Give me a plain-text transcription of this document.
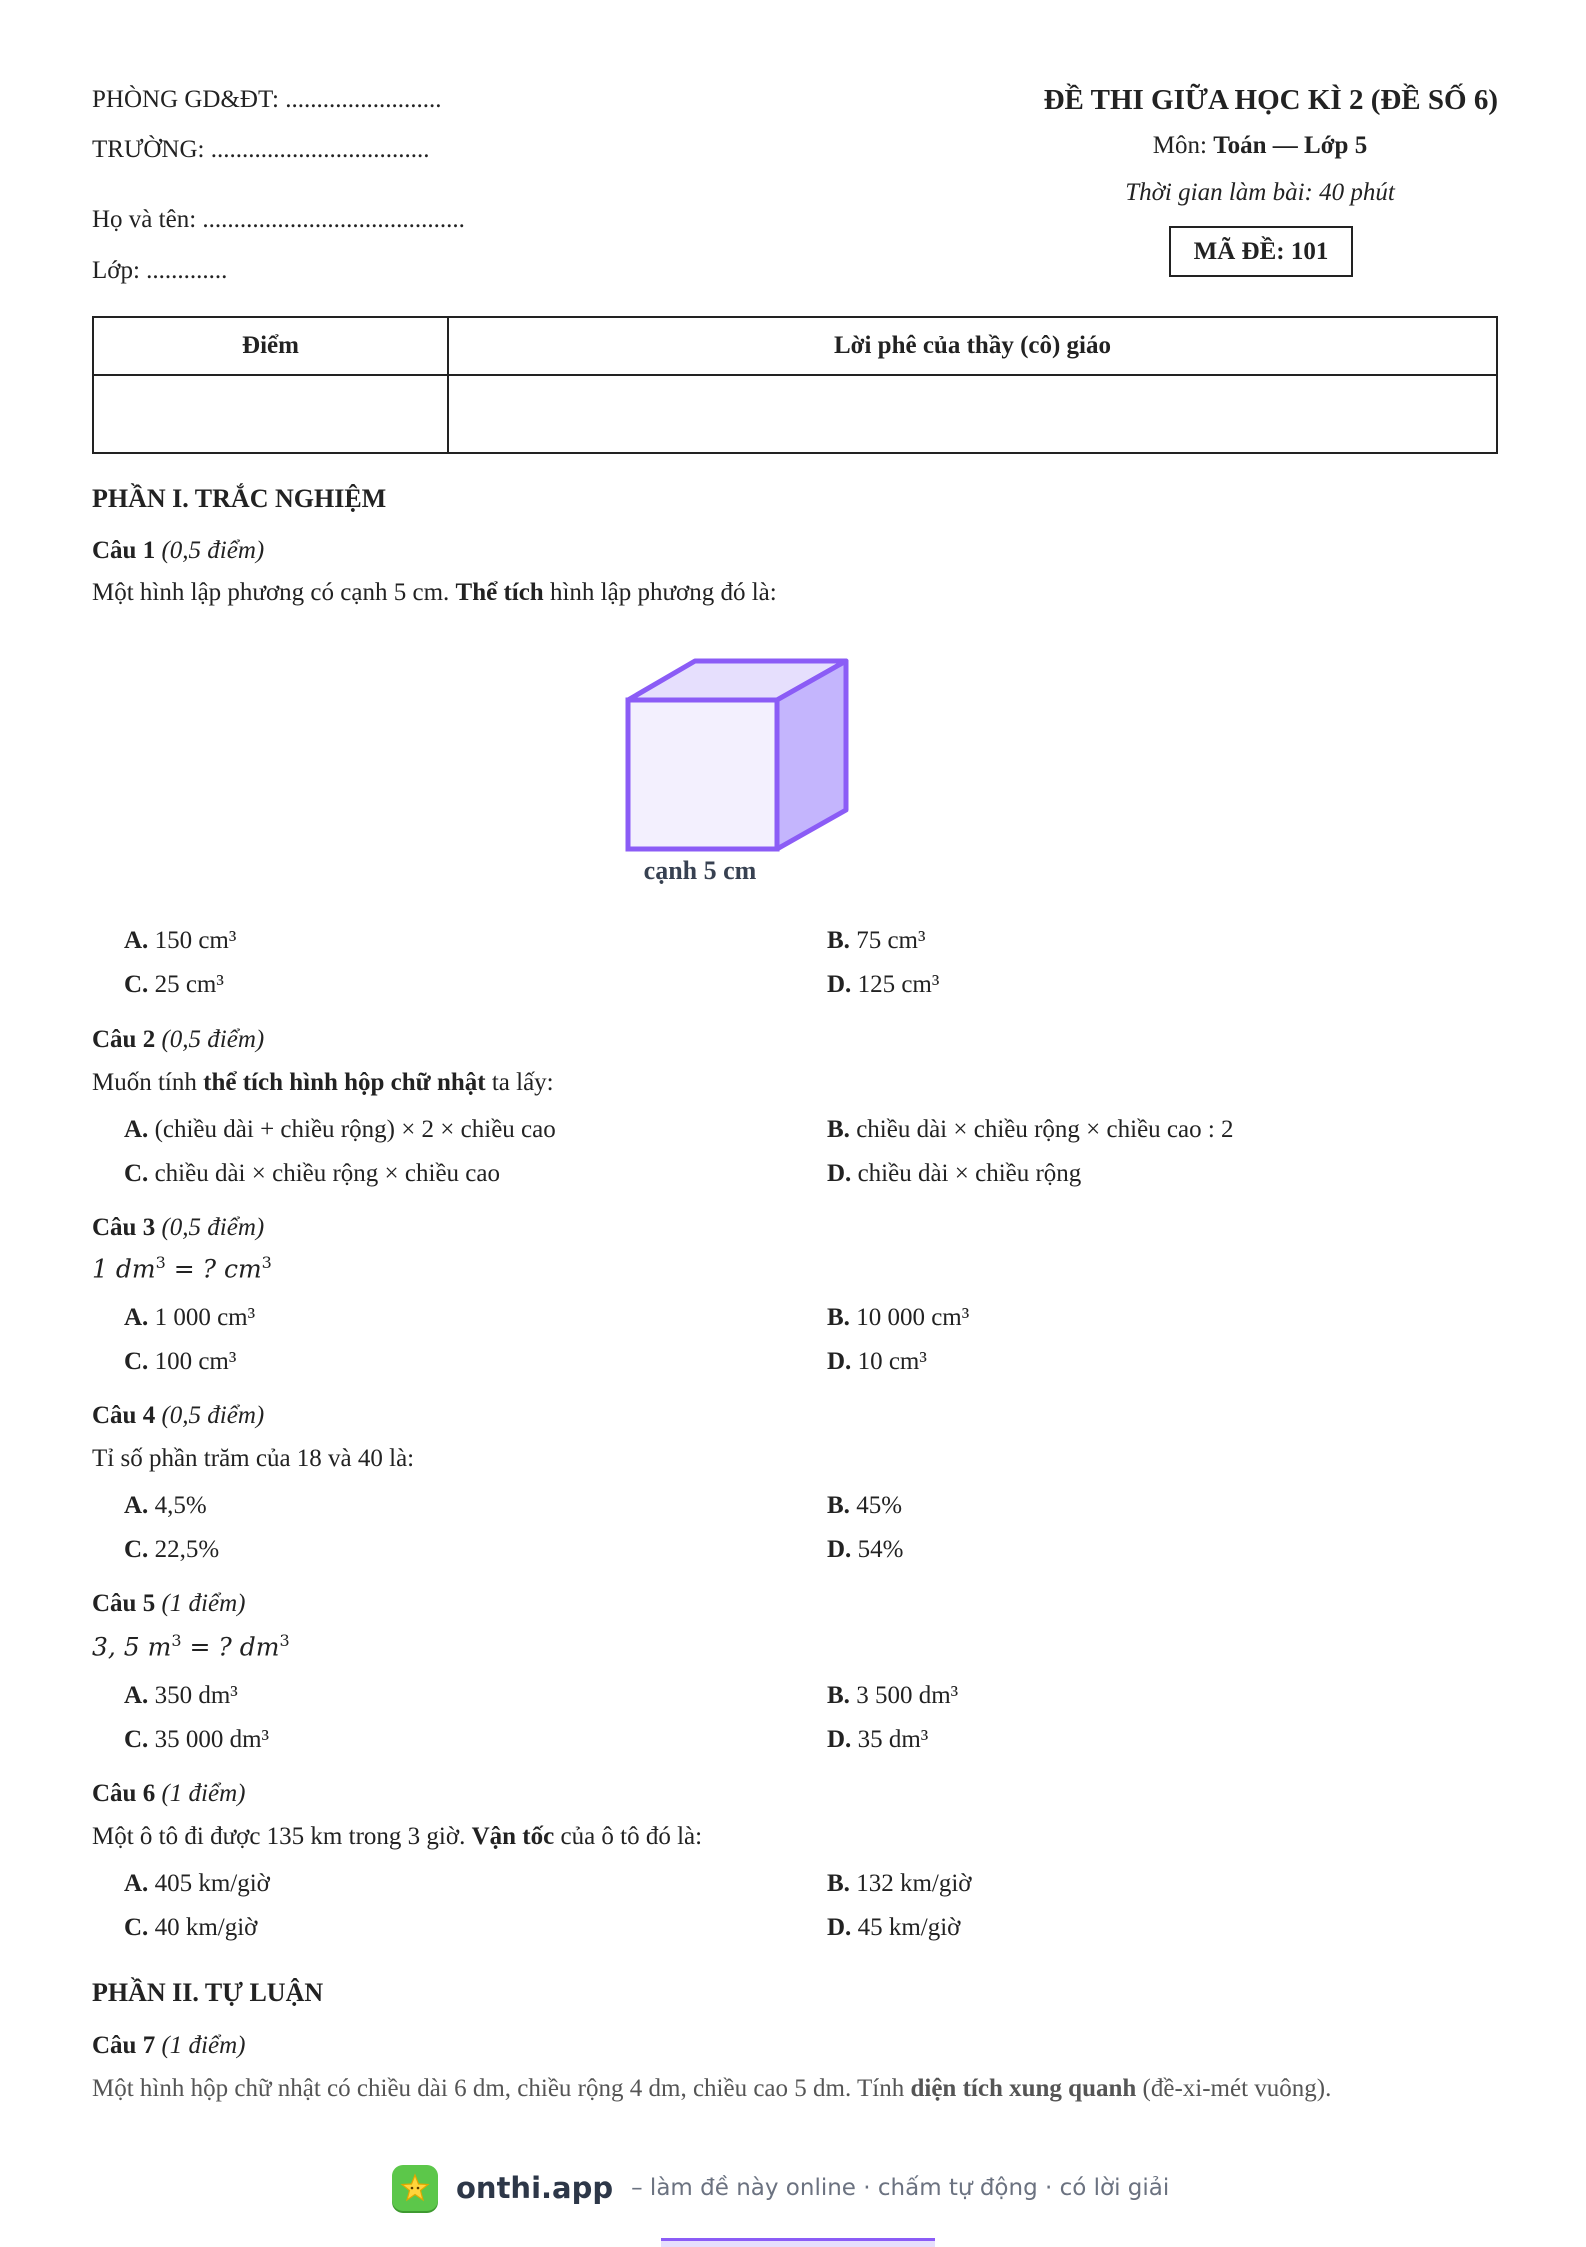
PHÒNG GD&ĐT: .........................
TRƯỜNG: ...................................
Họ và tên: ..........................................
Lớp: .............
ĐỀ THI GIỮA HỌC KÌ 2 (ĐỀ SỐ 6)
Môn: Toán — Lớp 5
Thời gian làm bài: 40 phút
MÃ ĐỀ: 101
Điểm	Lời phê của thầy (cô) giáo

PHẦN I. TRẮC NGHIỆM
Câu 1 (0,5 điểm)
Một hình lập phương có cạnh 5 cm. Thể tích hình lập phương đó là:
cạnh 5 cm
A. 150 cm³	B. 75 cm³
C. 25 cm³	D. 125 cm³
Câu 2 (0,5 điểm)
Muốn tính thể tích hình hộp chữ nhật ta lấy:
A. (chiều dài + chiều rộng) × 2 × chiều cao	B. chiều dài × chiều rộng × chiều cao : 2
C. chiều dài × chiều rộng × chiều cao	D. chiều dài × chiều rộng
Câu 3 (0,5 điểm)
1 $dm^3$ = ? $cm^3$
A. 1 000 cm³	B. 10 000 cm³
C. 100 cm³	D. 10 cm³
Câu 4 (0,5 điểm)
Tỉ số phần trăm của 18 và 40 là:
A. 4,5%	B. 45%
C. 22,5%	D. 54%
Câu 5 (1 điểm)
3, 5 $m^3$ = ? $dm^3$
A. 350 dm³	B. 3 500 dm³
C. 35 000 dm³	D. 35 dm³
Câu 6 (1 điểm)
Một ô tô đi được 135 km trong 3 giờ. Vận tốc của ô tô đó là:
A. 405 km/giờ	B. 132 km/giờ
C. 40 km/giờ	D. 45 km/giờ
PHẦN II. TỰ LUẬN
Câu 7 (1 điểm)
Một hình hộp chữ nhật có chiều dài 6 dm, chiều rộng 4 dm, chiều cao 5 dm. Tính diện tích xung quanh (đề-xi-mét vuông).
onthi.app – làm đề này online · chấm tự động · có lời giải
